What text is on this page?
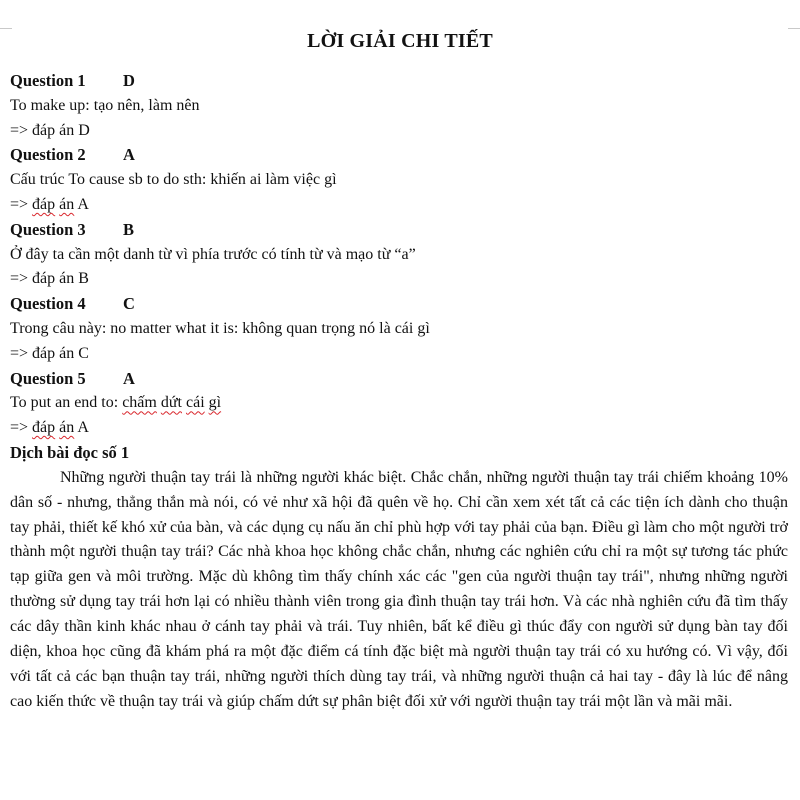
LỜI GIẢI CHI TIẾT
Question 1 D
To make up: tạo nên, làm nên
=> đáp án D
Question 2 A
Cấu trúc To cause sb to do sth: khiến ai làm việc gì
=> đáp án A
Question 3 B
Ở đây ta cần một danh từ vì phía trước có tính từ và mạo từ “a”
=> đáp án B
Question 4 C
Trong câu này: no matter what it is: không quan trọng nó là cái gì
=> đáp án C
Question 5 A
To put an end to: chấm dứt cái gì
=> đáp án A
Dịch bài đọc số 1

Những người thuận tay trái là những người khác biệt. Chắc chắn, những người thuận tay trái chiếm khoảng 10% dân số - nhưng, thẳng thắn mà nói, có vẻ như xã hội đã quên về họ. Chỉ cần xem xét tất cả các tiện ích dành cho thuận tay phải, thiết kế khó xử của bàn, và các dụng cụ nấu ăn chỉ phù hợp với tay phải của bạn. Điều gì làm cho một người trở thành một người thuận tay trái? Các nhà khoa học không chắc chắn, nhưng các nghiên cứu chỉ ra một sự tương tác phức tạp giữa gen và môi trường. Mặc dù không tìm thấy chính xác các "gen của người thuận tay trái", nhưng những người thường sử dụng tay trái hơn lại có nhiều thành viên trong gia đình thuận tay trái hơn. Và các nhà nghiên cứu đã tìm thấy các dây thần kinh khác nhau ở cánh tay phải và trái. Tuy nhiên, bất kể điều gì thúc đẩy con người sử dụng bàn tay đối diện, khoa học cũng đã khám phá ra một đặc điểm cá tính đặc biệt mà người thuận tay trái có xu hướng có. Vì vậy, đối với tất cả các bạn thuận tay trái, những người thích dùng tay trái, và những người thuận cả hai tay - đây là lúc để nâng cao kiến thức về thuận tay trái và giúp chấm dứt sự phân biệt đối xử với người thuận tay trái một lần và mãi mãi.
